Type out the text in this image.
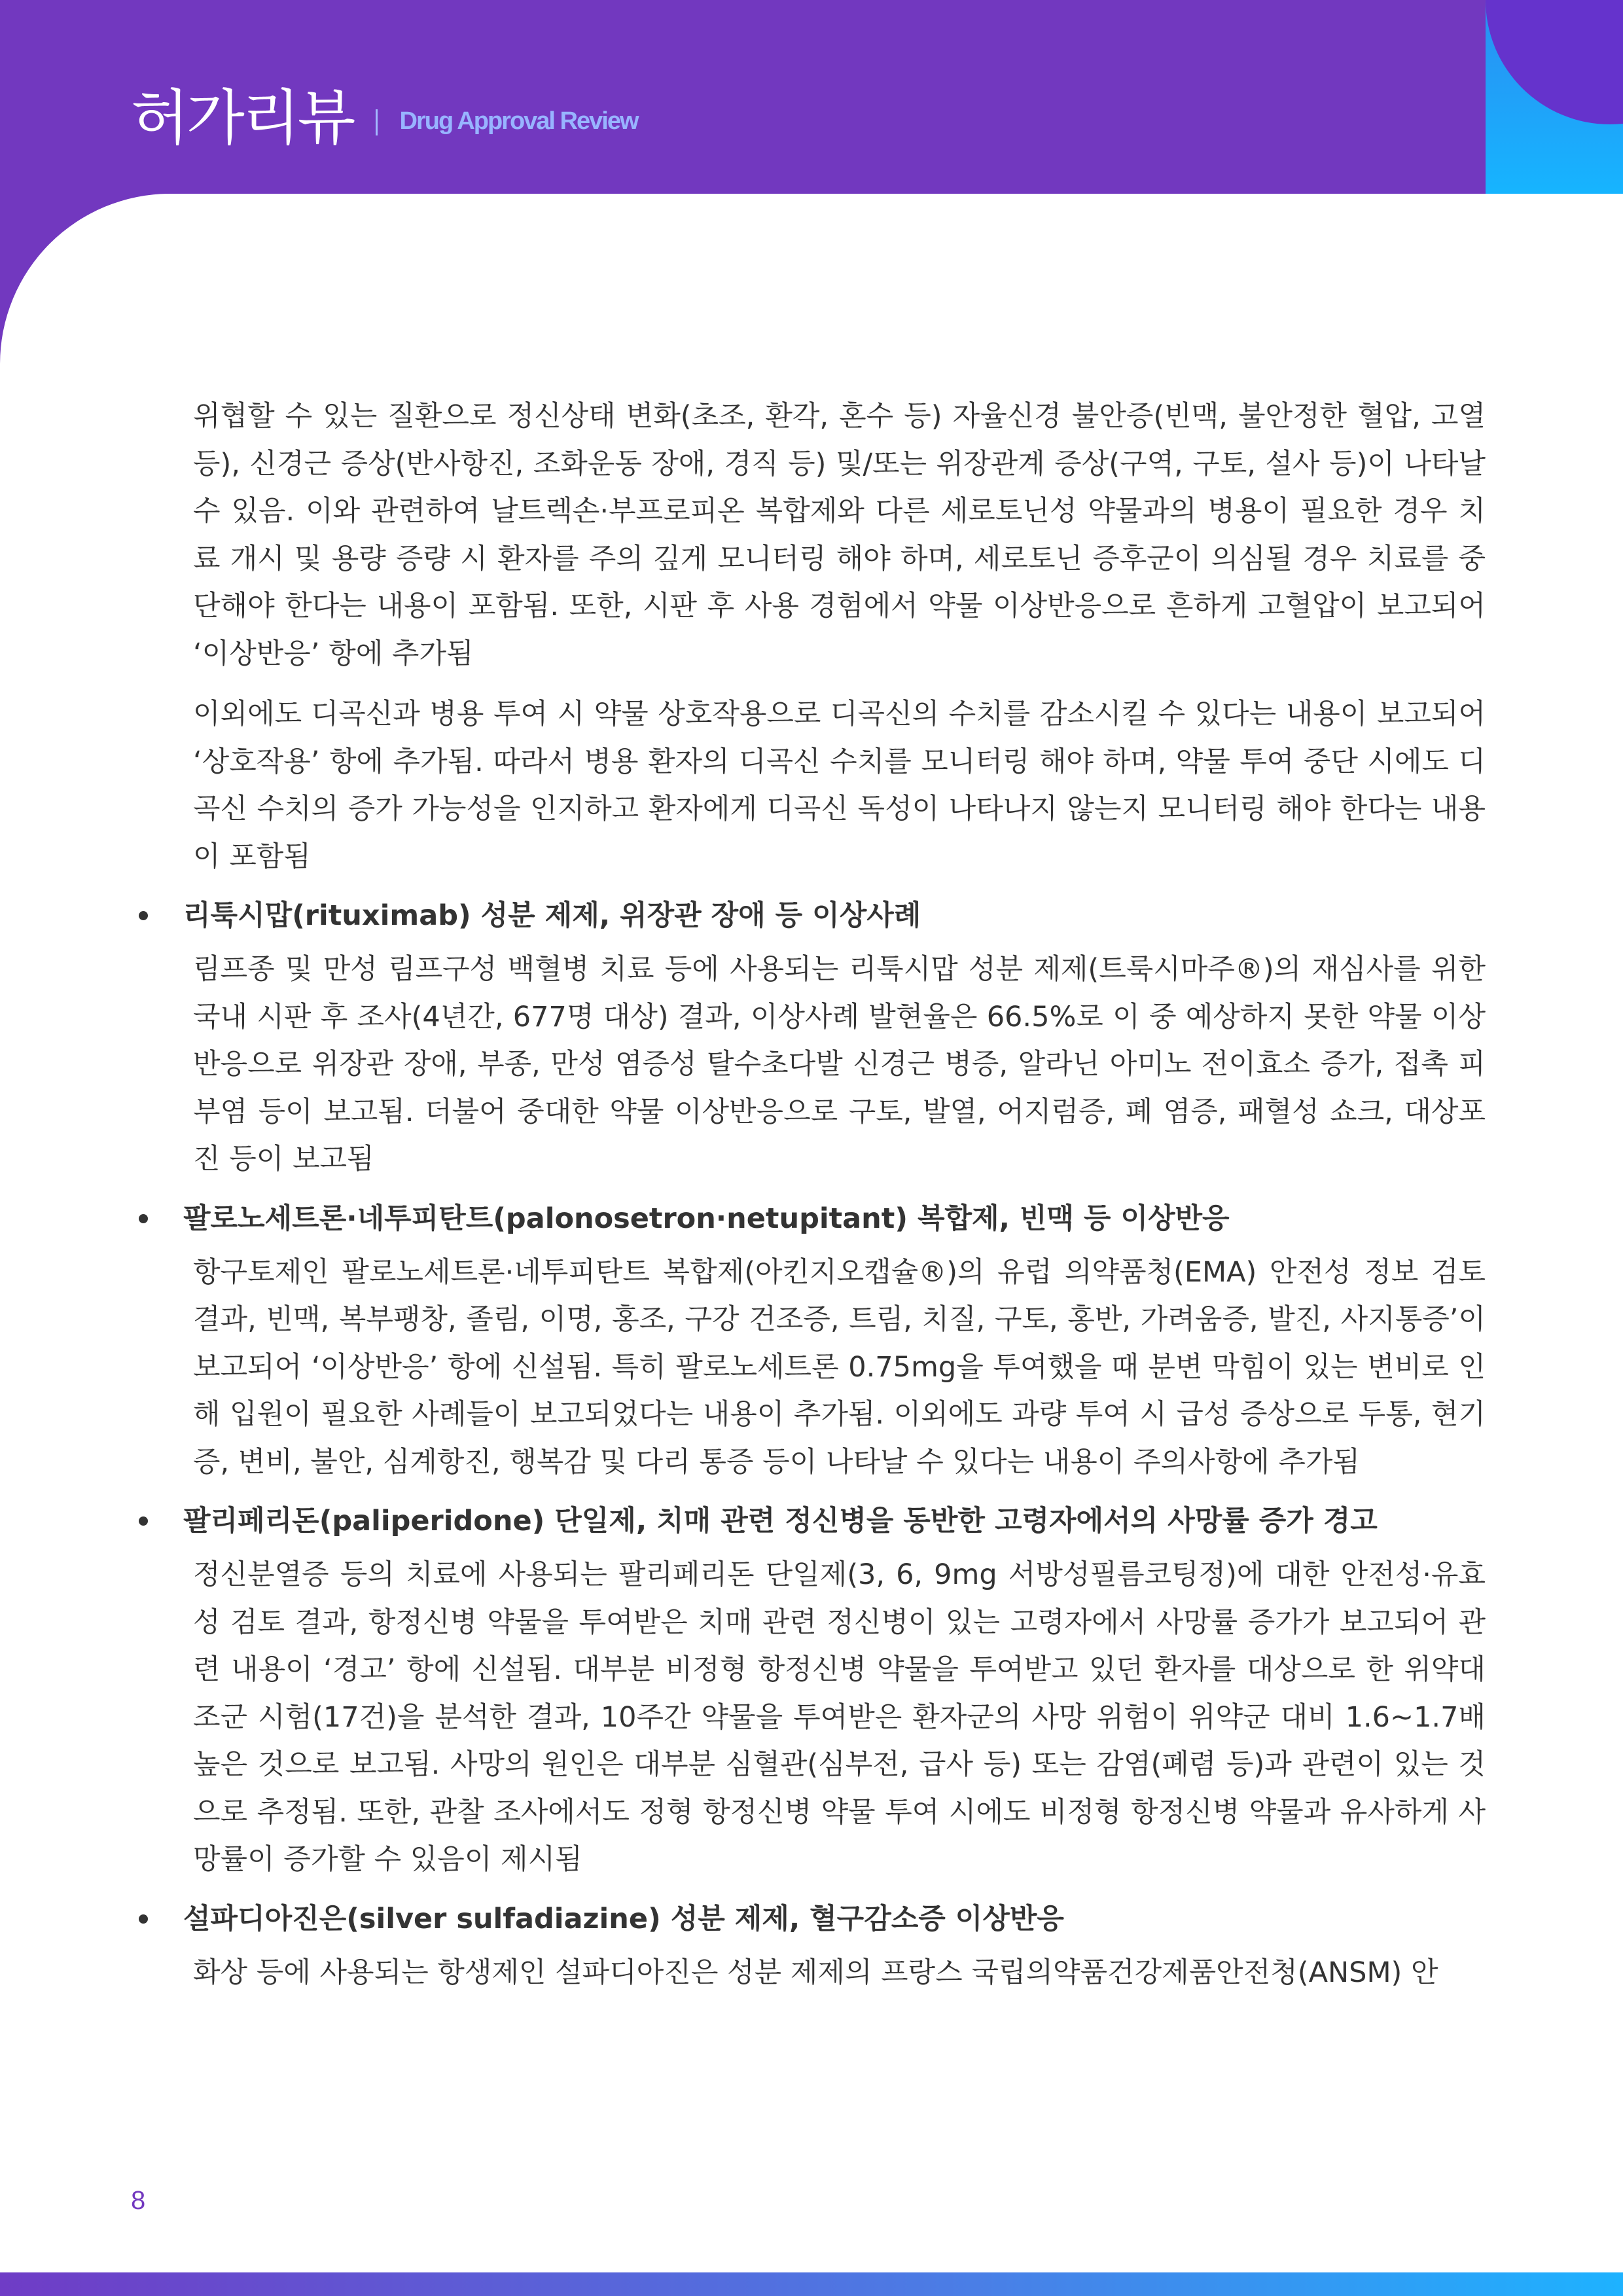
허가리뷰 Drug Approval Review

위협할 수 있는 질환으로 정신상태 변화(초조, 환각, 혼수 등) 자율신경 불안증(빈맥, 불안정한 혈압, 고열 등), 신경근 증상(반사항진, 조화운동 장애, 경직 등) 및/또는 위장관계 증상(구역, 구토, 설사 등)이 나타날 수 있음. 이와 관련하여 날트렉손·부프로피온 복합제와 다른 세로토닌성 약물과의 병용이 필요한 경우 치료 개시 및 용량 증량 시 환자를 주의 깊게 모니터링 해야 하며, 세로토닌 증후군이 의심될 경우 치료를 중단해야 한다는 내용이 포함됨. 또한, 시판 후 사용 경험에서 약물 이상반응으로 흔하게 고혈압이 보고되어 ‘이상반응’ 항에 추가됨

이외에도 디곡신과 병용 투여 시 약물 상호작용으로 디곡신의 수치를 감소시킬 수 있다는 내용이 보고되어 ‘상호작용’ 항에 추가됨. 따라서 병용 환자의 디곡신 수치를 모니터링 해야 하며, 약물 투여 중단 시에도 디곡신 수치의 증가 가능성을 인지하고 환자에게 디곡신 독성이 나타나지 않는지 모니터링 해야 한다는 내용이 포함됨

리툭시맙(rituximab) 성분 제제, 위장관 장애 등 이상사례

림프종 및 만성 림프구성 백혈병 치료 등에 사용되는 리툭시맙 성분 제제(트룩시마주®)의 재심사를 위한 국내 시판 후 조사(4년간, 677명 대상) 결과, 이상사례 발현율은 66.5%로 이 중 예상하지 못한 약물 이상반응으로 위장관 장애, 부종, 만성 염증성 탈수초다발 신경근 병증, 알라닌 아미노 전이효소 증가, 접촉 피부염 등이 보고됨. 더불어 중대한 약물 이상반응으로 구토, 발열, 어지럼증, 폐 염증, 패혈성 쇼크, 대상포진 등이 보고됨

팔로노세트론·네투피탄트(palonosetron·netupitant) 복합제, 빈맥 등 이상반응

항구토제인 팔로노세트론·네투피탄트 복합제(아킨지오캡슐®)의 유럽 의약품청(EMA) 안전성 정보 검토 결과, 빈맥, 복부팽창, 졸림, 이명, 홍조, 구강 건조증, 트림, 치질, 구토, 홍반, 가려움증, 발진, 사지통증’이 보고되어 ‘이상반응’ 항에 신설됨. 특히 팔로노세트론 0.75mg을 투여했을 때 분변 막힘이 있는 변비로 인해 입원이 필요한 사례들이 보고되었다는 내용이 추가됨. 이외에도 과량 투여 시 급성 증상으로 두통, 현기증, 변비, 불안, 심계항진, 행복감 및 다리 통증 등이 나타날 수 있다는 내용이 주의사항에 추가됨

팔리페리돈(paliperidone) 단일제, 치매 관련 정신병을 동반한 고령자에서의 사망률 증가 경고

정신분열증 등의 치료에 사용되는 팔리페리돈 단일제(3, 6, 9mg 서방성필름코팅정)에 대한 안전성·유효성 검토 결과, 항정신병 약물을 투여받은 치매 관련 정신병이 있는 고령자에서 사망률 증가가 보고되어 관련 내용이 ‘경고’ 항에 신설됨. 대부분 비정형 항정신병 약물을 투여받고 있던 환자를 대상으로 한 위약대조군 시험(17건)을 분석한 결과, 10주간 약물을 투여받은 환자군의 사망 위험이 위약군 대비 1.6~1.7배 높은 것으로 보고됨. 사망의 원인은 대부분 심혈관(심부전, 급사 등) 또는 감염(폐렴 등)과 관련이 있는 것으로 추정됨. 또한, 관찰 조사에서도 정형 항정신병 약물 투여 시에도 비정형 항정신병 약물과 유사하게 사망률이 증가할 수 있음이 제시됨

설파디아진은(silver sulfadiazine) 성분 제제, 혈구감소증 이상반응

화상 등에 사용되는 항생제인 설파디아진은 성분 제제의 프랑스 국립의약품건강제품안전청(ANSM) 안

8
